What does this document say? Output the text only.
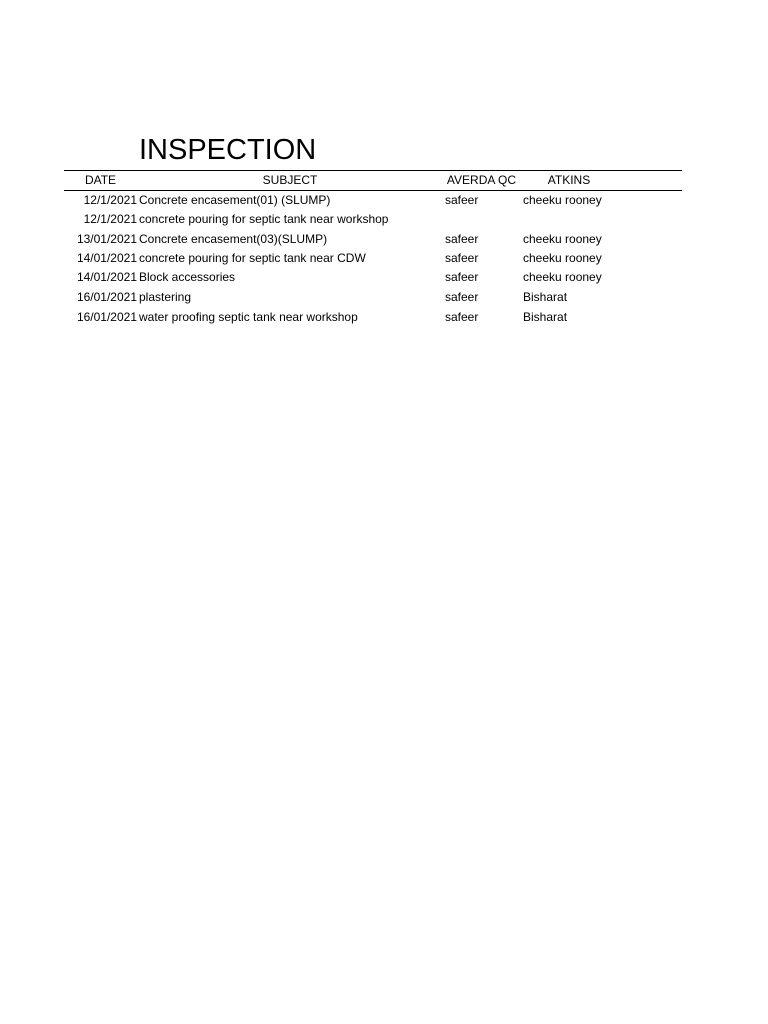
INSPECTION
DATE	SUBJECT	AVERDA QC	ATKINS
12/1/2021 Concrete encasement(01) (SLUMP)	safeer	cheeku rooney
12/1/2021 concrete pouring for septic tank near workshop
13/01/2021 Concrete encasement(03)(SLUMP)	safeer	cheeku rooney
14/01/2021 concrete pouring for septic tank near CDW	safeer	cheeku rooney
14/01/2021 Block accessories	safeer	cheeku rooney
16/01/2021 plastering	safeer	Bisharat
16/01/2021 water proofing septic tank near workshop	safeer	Bisharat
